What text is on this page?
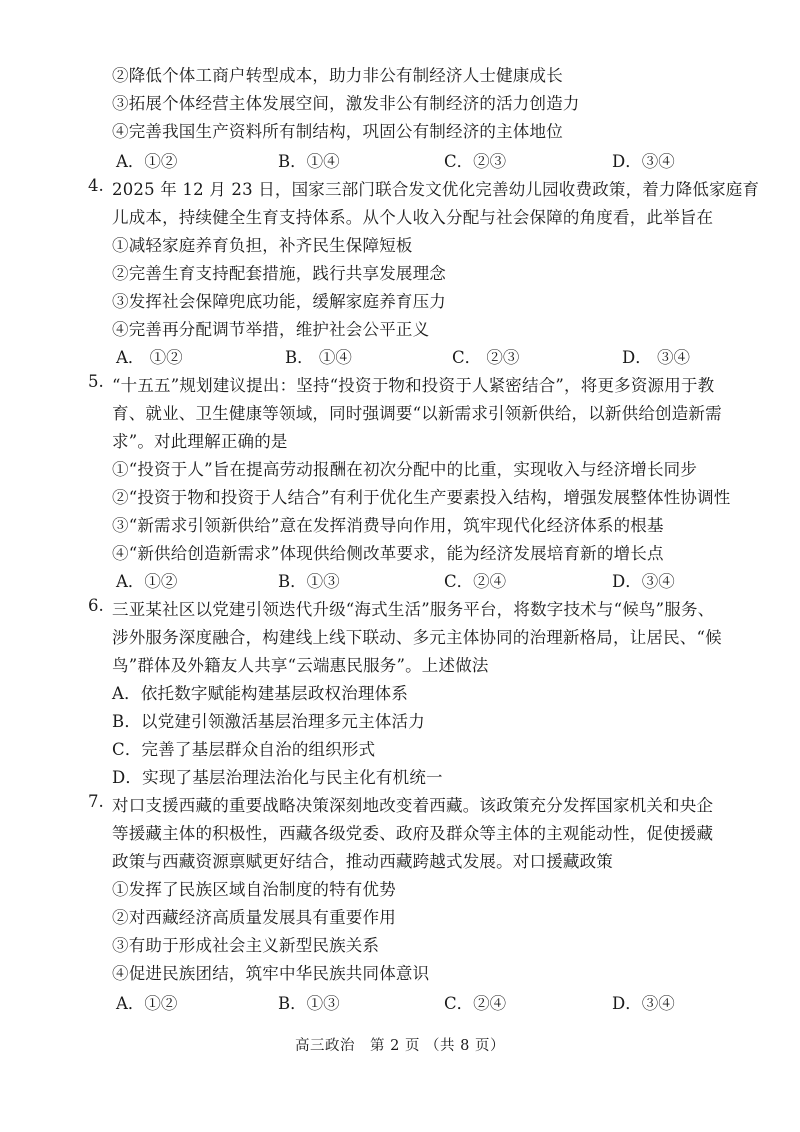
②降低个体工商户转型成本，助力非公有制经济人士健康成长
③拓展个体经营主体发展空间，激发非公有制经济的活力创造力
④完善我国生产资料所有制结构，巩固公有制经济的主体地位
A．①②	B．①④	C．②③	D．③④
4. 2025 年 12 月 23 日，国家三部门联合发文优化完善幼儿园收费政策，着力降低家庭育
儿成本，持续健全生育支持体系。从个人收入分配与社会保障的角度看，此举旨在
①减轻家庭养育负担，补齐民生保障短板
②完善生育支持配套措施，践行共享发展理念
③发挥社会保障兜底功能，缓解家庭养育压力
④完善再分配调节举措，维护社会公平正义
A． ①②	B． ①④	C． ②③	D． ③④
5. “十五五”规划建议提出：坚持“投资于物和投资于人紧密结合”，将更多资源用于教
育、就业、卫生健康等领域，同时强调要“以新需求引领新供给，以新供给创造新需
求”。对此理解正确的是
①“投资于人”旨在提高劳动报酬在初次分配中的比重，实现收入与经济增长同步
②“投资于物和投资于人结合”有利于优化生产要素投入结构，增强发展整体性协调性
③“新需求引领新供给”意在发挥消费导向作用，筑牢现代化经济体系的根基
④“新供给创造新需求”体现供给侧改革要求，能为经济发展培育新的增长点
A．①②	B．①③	C．②④	D．③④
6. 三亚某社区以党建引领迭代升级“海式生活”服务平台，将数字技术与“候鸟”服务、
涉外服务深度融合，构建线上线下联动、多元主体协同的治理新格局，让居民、“候
鸟”群体及外籍友人共享“云端惠民服务”。上述做法
A．依托数字赋能构建基层政权治理体系
B．以党建引领激活基层治理多元主体活力
C．完善了基层群众自治的组织形式
D．实现了基层治理法治化与民主化有机统一
7. 对口支援西藏的重要战略决策深刻地改变着西藏。该政策充分发挥国家机关和央企
等援藏主体的积极性，西藏各级党委、政府及群众等主体的主观能动性，促使援藏
政策与西藏资源禀赋更好结合，推动西藏跨越式发展。对口援藏政策
①发挥了民族区域自治制度的特有优势
②对西藏经济高质量发展具有重要作用
③有助于形成社会主义新型民族关系
④促进民族团结，筑牢中华民族共同体意识
A．①②	B．①③	C．②④	D．③④
高三政治　第 2 页 （共 8 页）
